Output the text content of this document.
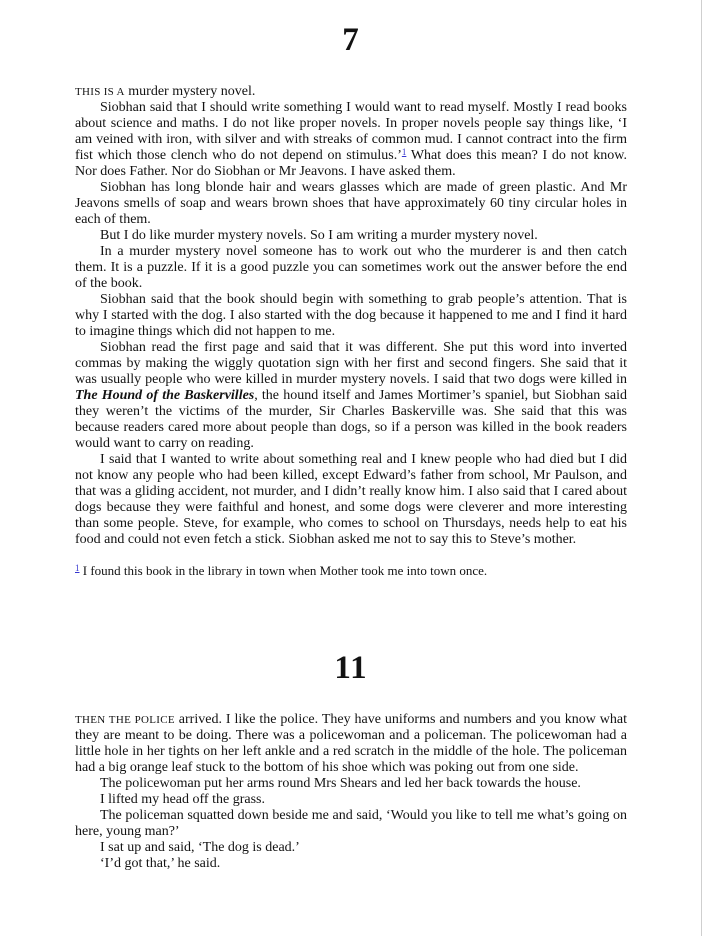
7

THIS IS A murder mystery novel.

Siobhan said that I should write something I would want to read myself. Mostly I read books about science and maths. I do not like proper novels. In proper novels people say things like, ‘I am veined with iron, with silver and with streaks of common mud. I cannot contract into the firm fist which those clench who do not depend on stimulus.’$^1$ What does this mean? I do not know. Nor does Father. Nor do Siobhan or Mr Jeavons. I have asked them.

Siobhan has long blonde hair and wears glasses which are made of green plastic. And Mr Jeavons smells of soap and wears brown shoes that have approximately 60 tiny circular holes in each of them.

But I do like murder mystery novels. So I am writing a murder mystery novel.

In a murder mystery novel someone has to work out who the murderer is and then catch them. It is a puzzle. If it is a good puzzle you can sometimes work out the answer before the end of the book.

Siobhan said that the book should begin with something to grab people’s attention. That is why I started with the dog. I also started with the dog because it happened to me and I find it hard to imagine things which did not happen to me.

Siobhan read the first page and said that it was different. She put this word into inverted commas by making the wiggly quotation sign with her first and second fingers. She said that it was usually people who were killed in murder mystery novels. I said that two dogs were killed in The Hound of the Baskervilles, the hound itself and James Mortimer’s spaniel, but Siobhan said they weren’t the victims of the murder, Sir Charles Baskerville was. She said that this was because readers cared more about people than dogs, so if a person was killed in the book readers would want to carry on reading.

I said that I wanted to write about something real and I knew people who had died but I did not know any people who had been killed, except Edward’s father from school, Mr Paulson, and that was a gliding accident, not murder, and I didn’t really know him. I also said that I cared about dogs because they were faithful and honest, and some dogs were cleverer and more interesting than some people. Steve, for example, who comes to school on Thursdays, needs help to eat his food and could not even fetch a stick. Siobhan asked me not to say this to Steve’s mother.

$^1$ I found this book in the library in town when Mother took me into town once.

11

THEN THE POLICE arrived. I like the police. They have uniforms and numbers and you know what they are meant to be doing. There was a policewoman and a policeman. The policewoman had a little hole in her tights on her left ankle and a red scratch in the middle of the hole. The policeman had a big orange leaf stuck to the bottom of his shoe which was poking out from one side.

The policewoman put her arms round Mrs Shears and led her back towards the house.

I lifted my head off the grass.

The policeman squatted down beside me and said, ‘Would you like to tell me what’s going on here, young man?’

I sat up and said, ‘The dog is dead.’

‘I’d got that,’ he said.
